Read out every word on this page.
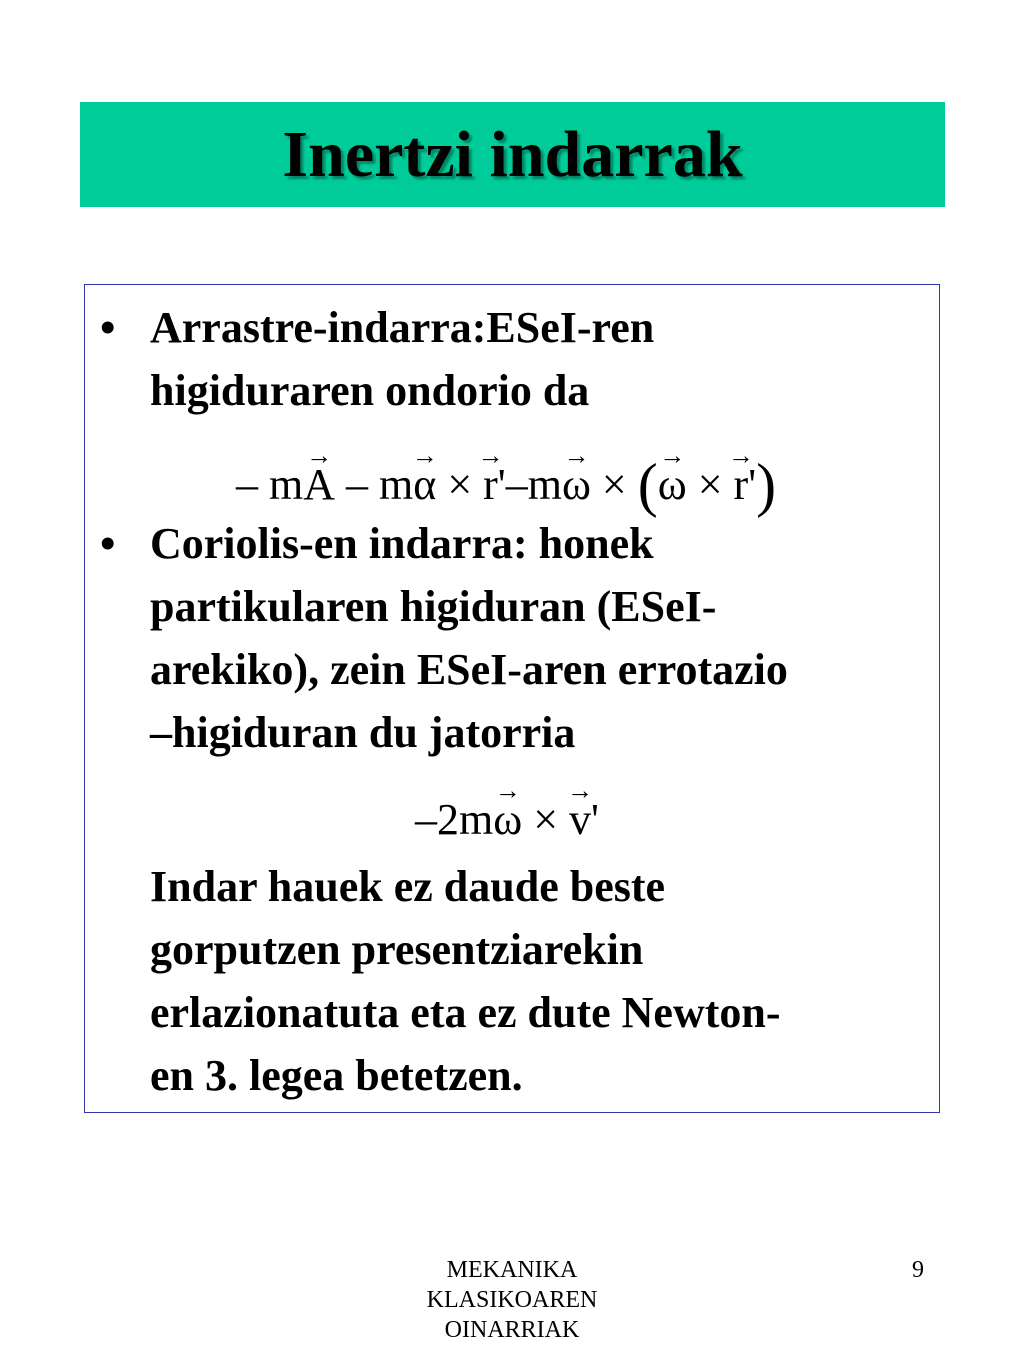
Inertzi indarrak
• Arrastre-indarra:ESeI-ren
higiduraren ondorio da
– m→ A – m→ α × → r'–m→ ω × (→ ω × → r')
• Coriolis-en indarra: honek
partikularen higiduran (ESeI-
arekiko), zein ESeI-aren errotazio
–higiduran du jatorria
–2m→ ω × → v'
Indar hauek ez daude beste
gorputzen presentziarekin
erlazionatuta eta ez dute Newton-
en 3. legea betetzen.
MEKANIKA
KLASIKOAREN
OINARRIAK
9
